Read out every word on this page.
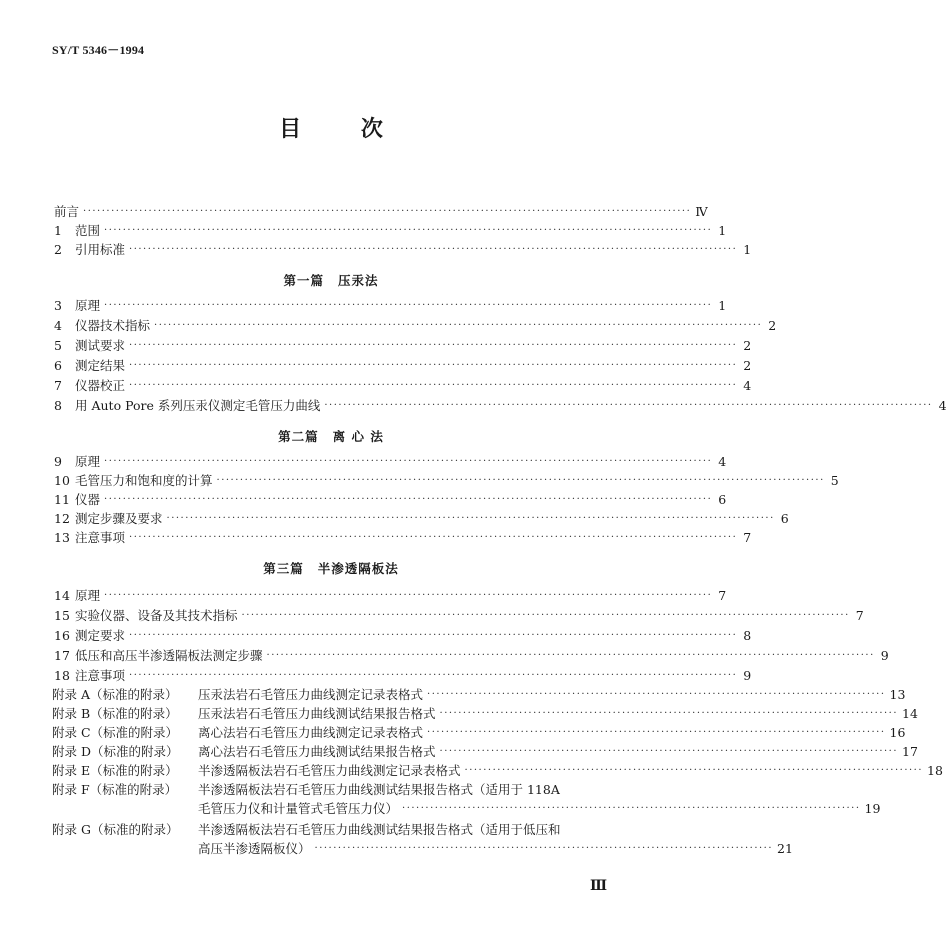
SY/T 5346－1994
目 次
前言 ·································································································································· Ⅳ
1	范围 ·································································································································· 1
2	引用标准 ·································································································································· 1
第一篇 压汞法
3	原理 ·································································································································· 1
4	仪器技术指标 ·································································································································· 2
5	测试要求 ·································································································································· 2
6	测定结果 ·································································································································· 2
7	仪器校正 ·································································································································· 4
8	用 Auto Pore 系列压汞仪测定毛管压力曲线 ·································································································································· 4
第二篇 离 心 法
9	原理 ·································································································································· 4
10 毛管压力和饱和度的计算 ·································································································································· 5
11 仪器 ·································································································································· 6
12 测定步骤及要求 ·································································································································· 6
13 注意事项 ·································································································································· 7
第三篇 半渗透隔板法
14 原理 ·································································································································· 7
15 实验仪器、设备及其技术指标 ·································································································································· 7
16 测定要求 ·································································································································· 8
17 低压和高压半渗透隔板法测定步骤 ·································································································································· 9
18 注意事项 ·································································································································· 9
附录 A（标准的附录）	压汞法岩石毛管压力曲线测定记录表格式 ·································································································· 13
附录 B（标准的附录）	压汞法岩石毛管压力曲线测试结果报告格式 ·································································································· 14
附录 C（标准的附录）	离心法岩石毛管压力曲线测定记录表格式 ·································································································· 16
附录 D（标准的附录）	离心法岩石毛管压力曲线测试结果报告格式 ·································································································· 17
附录 E（标准的附录）	半渗透隔板法岩石毛管压力曲线测定记录表格式 ·································································································· 18
附录 F（标准的附录）	半渗透隔板法岩石毛管压力曲线测试结果报告格式（适用于 118A
毛管压力仪和计量管式毛管压力仪） ·································································································· 19
附录 G（标准的附录）	半渗透隔板法岩石毛管压力曲线测试结果报告格式（适用于低压和
高压半渗透隔板仪） ·································································································· 21
Ⅲ
